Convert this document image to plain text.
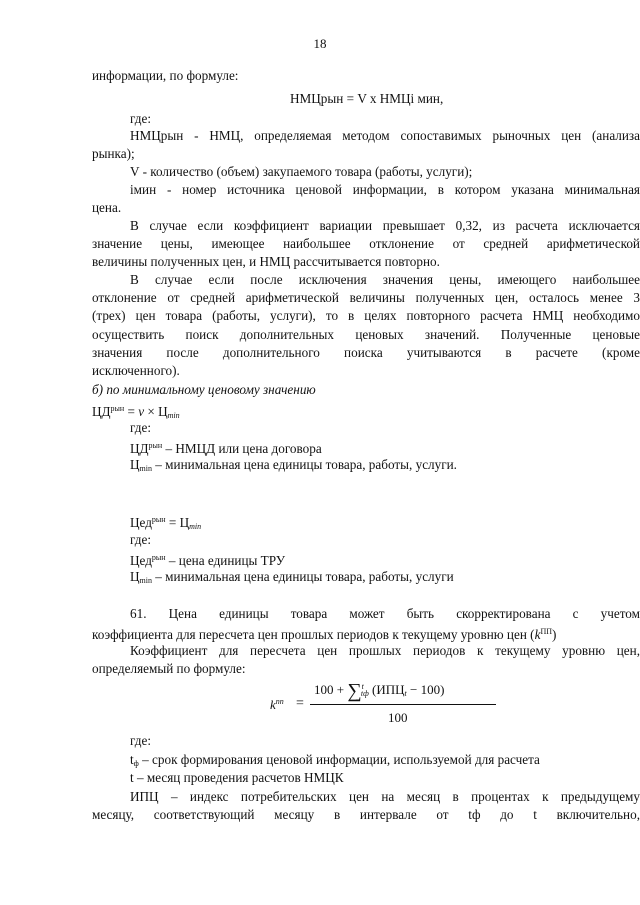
18
информации, по формуле:
НМЦрын = V x НМЦi мин,
где:
НМЦрын - НМЦ, определяемая методом сопоставимых рыночных цен (анализа
рынка);
V - количество (объем) закупаемого товара (работы, услуги);
iмин - номер источника ценовой информации, в котором указана минимальная
цена.
В случае если коэффициент вариации превышает 0,32, из расчета исключается
значение цены, имеющее наибольшее отклонение от средней арифметической
величины полученных цен, и НМЦ рассчитывается повторно.
В случае если после исключения значения цены, имеющего наибольшее
отклонение от средней арифметической величины полученных цен, осталось менее 3
(трех) цен товара (работы, услуги), то в целях повторного расчета НМЦ необходимо
осуществить поиск дополнительных ценовых значений. Полученные ценовые
значения после дополнительного поиска учитываются в расчете (кроме
исключенного).
б) по минимальному ценовому значению
$ЦД^{рын} = v \times Ц_{min}$
где:
$ЦД^{рын}$ – НМЦД или цена договора
$Ц_{min}$ – минимальная цена единицы товара, работы, услуги.
$Цед^{рын} = Ц_{min}$
где:
Цед$^{рын}$ – цена единицы ТРУ
$Ц_{min}$ – минимальная цена единицы товара, работы, услуги
61. Цена единицы товара может быть скорректирована с учетом
коэффициента для пересчета цен прошлых периодов к текущему уровню цен $(k^{ПП})$
Коэффициент для пересчета цен прошлых периодов к текущему уровню цен,
определяемый по формуле:
$k^{пп}$ =
100 + ∑$^t_{tф}$ $(ИПЦ_t - 100)$
100
где:
$t_ф$ – срок формирования ценовой информации, используемой для расчета
t – месяц проведения расчетов НМЦК
ИПЦ – индекс потребительских цен на месяц в процентах к предыдущему
месяцу, соответствующий месяцу в интервале от tф до t включительно,
